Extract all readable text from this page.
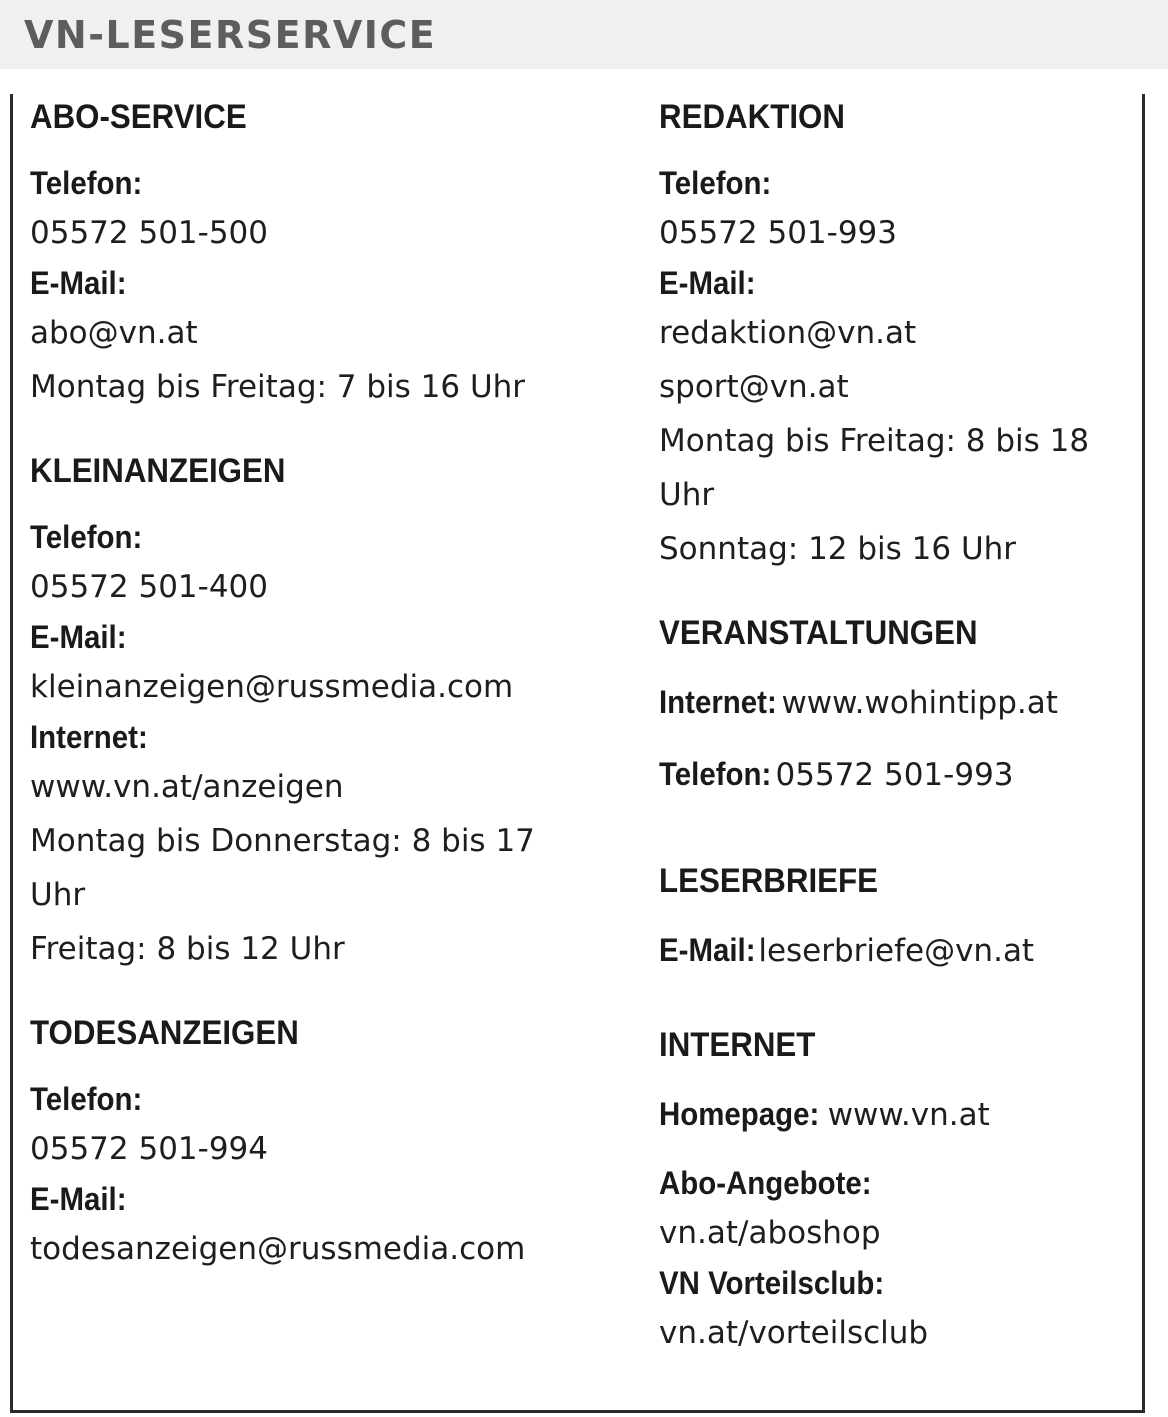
VN-LESERSERVICE
ABO-SERVICE
Telefon:
05572 501-500
E-Mail:
abo@vn.at
Montag bis Freitag: 7 bis 16 Uhr
KLEINANZEIGEN
Telefon:
05572 501-400
E-Mail:
kleinanzeigen@russmedia.com
Internet:
www.vn.at/anzeigen
Montag bis Donnerstag: 8 bis 17
Uhr
Freitag: 8 bis 12 Uhr
TODESANZEIGEN
Telefon:
05572 501-994
E-Mail:
todesanzeigen@russmedia.com
REDAKTION
Telefon:
05572 501-993
E-Mail:
redaktion@vn.at
sport@vn.at
Montag bis Freitag: 8 bis 18
Uhr
Sonntag: 12 bis 16 Uhr
VERANSTALTUNGEN
Internet: www.wohintipp.at
Telefon: 05572 501-993
LESERBRIEFE
E-Mail: leserbriefe@vn.at
INTERNET
Homepage: www.vn.at
Abo-Angebote:
vn.at/aboshop
VN Vorteilsclub:
vn.at/vorteilsclub
